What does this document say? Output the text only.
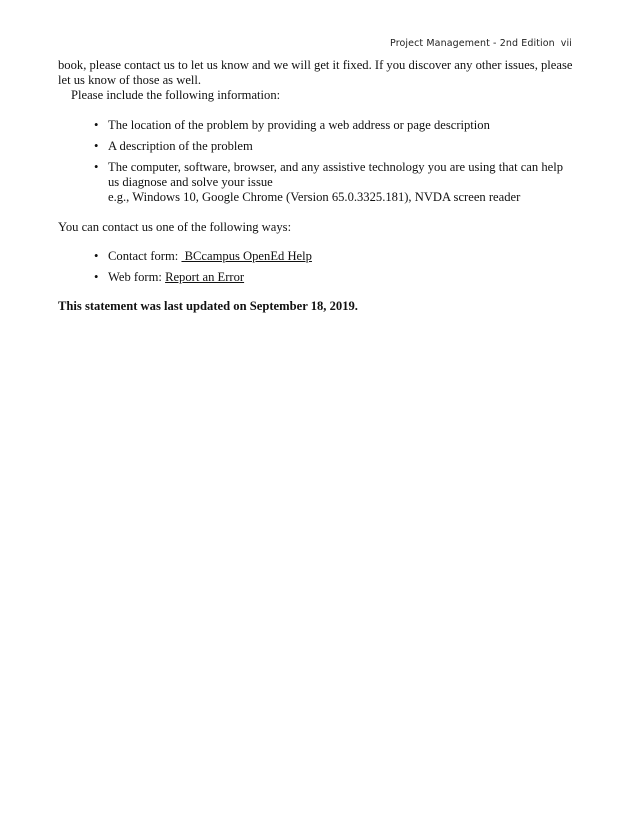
Project Management - 2nd Edition vii

book, please contact us to let us know and we will get it fixed. If you discover any other issues, please let us know of those as well.

Please include the following information:

• The location of the problem by providing a web address or page description
• A description of the problem
• The computer, software, browser, and any assistive technology you are using that can help us diagnose and solve your issue
e.g., Windows 10, Google Chrome (Version 65.0.3325.181), NVDA screen reader

You can contact us one of the following ways:

• Contact form:  BCcampus OpenEd Help
• Web form: Report an Error

This statement was last updated on September 18, 2019.
